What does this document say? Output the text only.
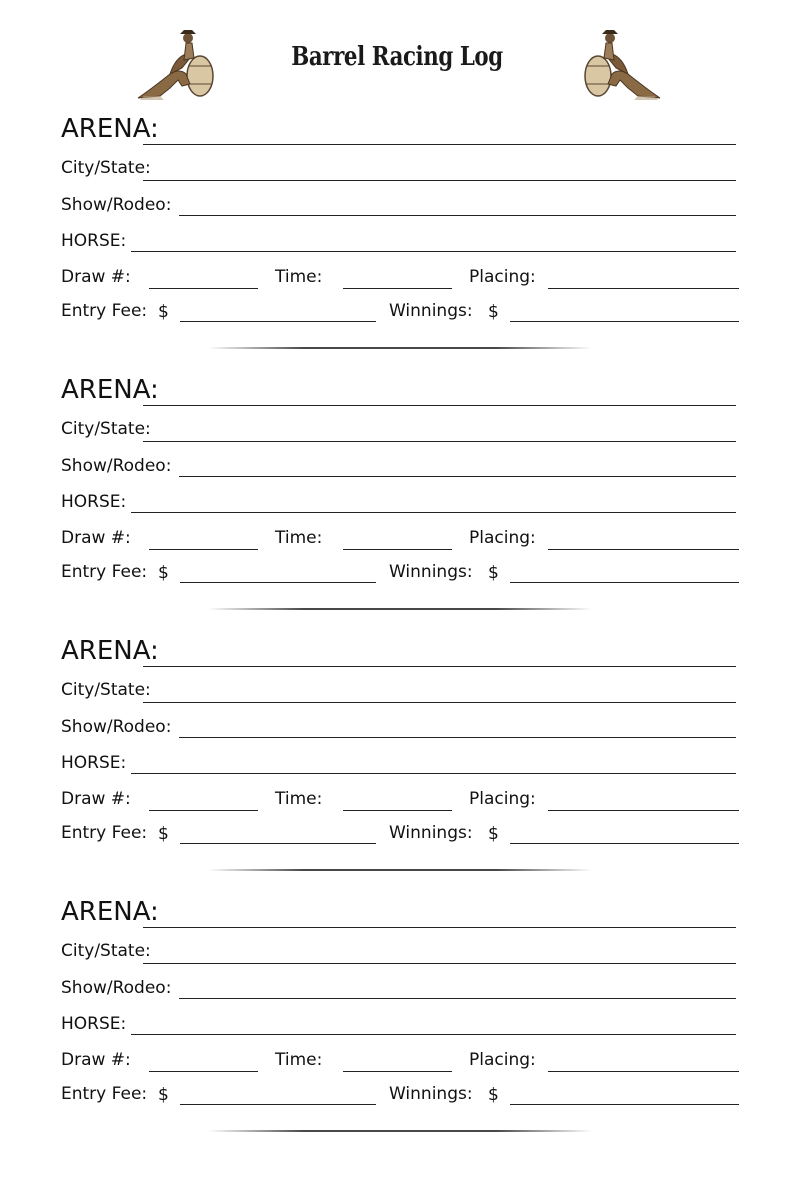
Barrel Racing Log
ARENA:
City/State:
Show/Rodeo:
HORSE:
Draw #:	Time:	Placing:
Entry Fee: $	Winnings: $
ARENA:
City/State:
Show/Rodeo:
HORSE:
Draw #:	Time:	Placing:
Entry Fee: $	Winnings: $
ARENA:
City/State:
Show/Rodeo:
HORSE:
Draw #:	Time:	Placing:
Entry Fee: $	Winnings: $
ARENA:
City/State:
Show/Rodeo:
HORSE:
Draw #:	Time:	Placing:
Entry Fee: $	Winnings: $
